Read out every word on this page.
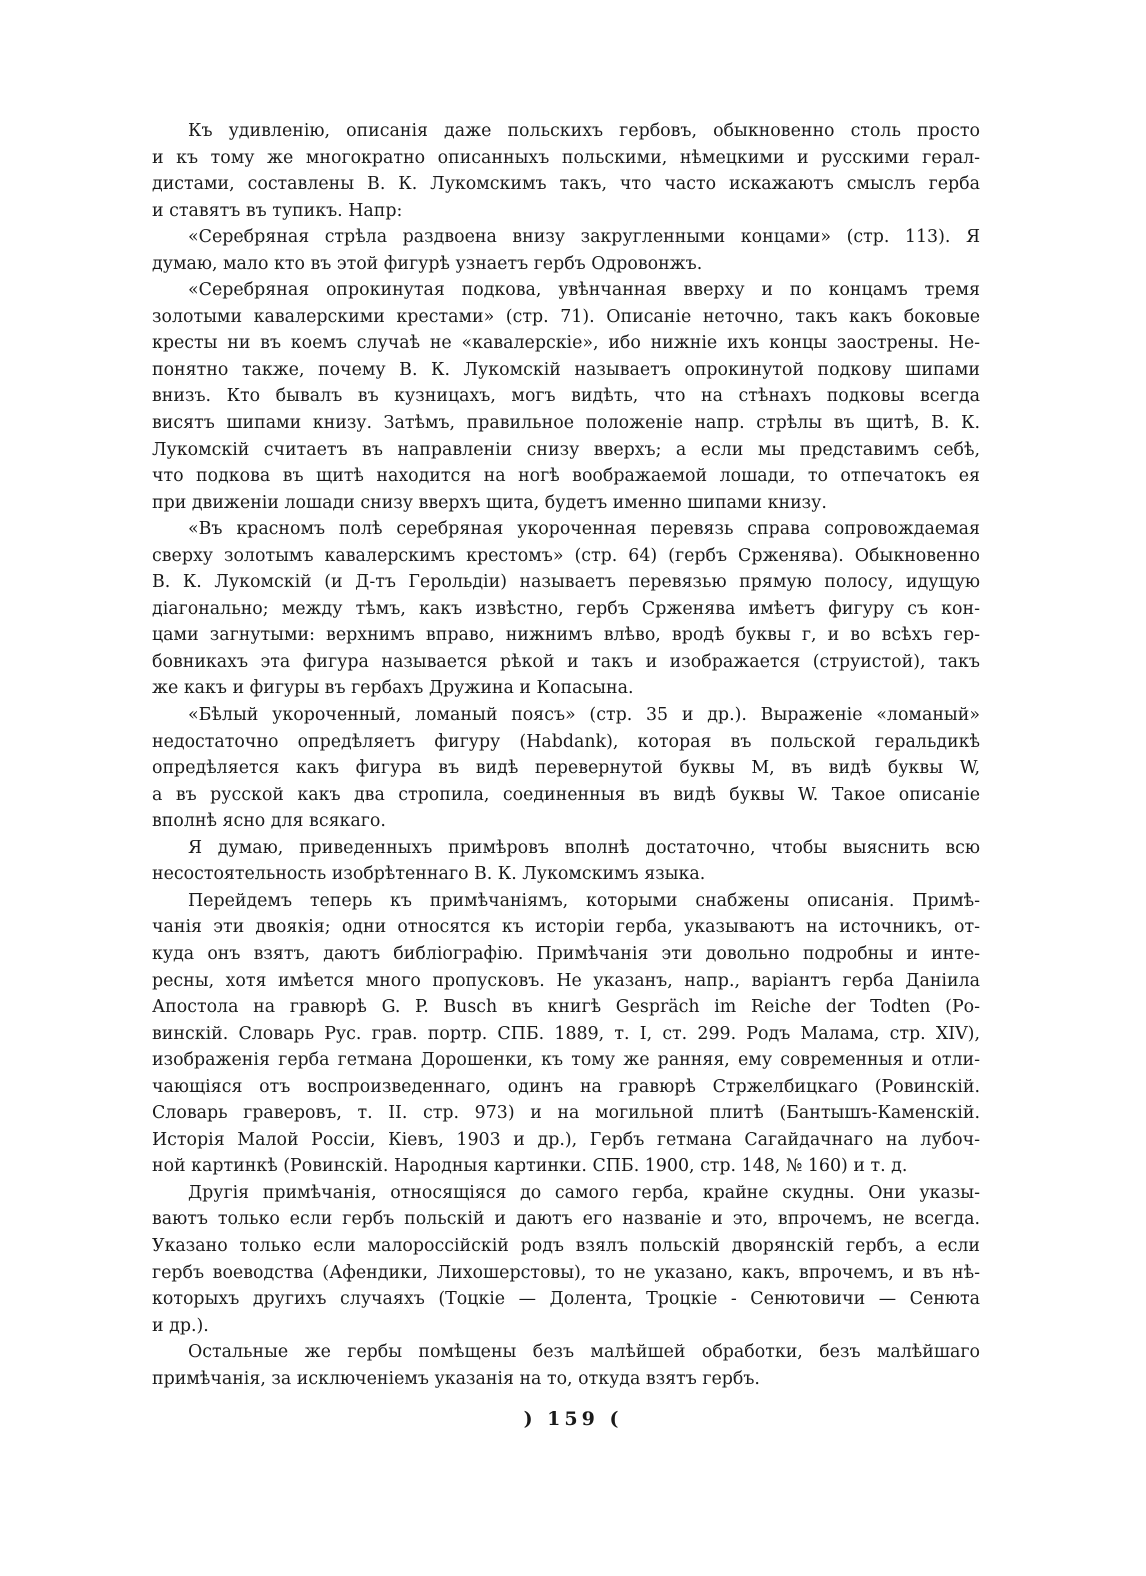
Къ удивленію, описанія даже польскихъ гербовъ, обыкновенно столь просто
и къ тому же многократно описанныхъ польскими, нѣмецкими и русскими герал-
дистами, составлены В. К. Лукомскимъ такъ, что часто искажаютъ смыслъ герба
и ставятъ въ тупикъ. Напр:
«Серебряная стрѣла раздвоена внизу закругленными концами» (стр. 113). Я
думаю, мало кто въ этой фигурѣ узнаетъ гербъ Одровонжъ.
«Серебряная опрокинутая подкова, увѣнчанная вверху и по концамъ тремя
золотыми кавалерскими крестами» (стр. 71). Описаніе неточно, такъ какъ боковые
кресты ни въ коемъ случаѣ не «кавалерскіе», ибо нижніе ихъ концы заострены. Не-
понятно также, почему В. К. Лукомскій называетъ опрокинутой подкову шипами
внизъ. Кто бывалъ въ кузницахъ, могъ видѣть, что на стѣнахъ подковы всегда
висятъ шипами книзу. Затѣмъ, правильное положеніе напр. стрѣлы въ щитѣ, В. К.
Лукомскій считаетъ въ направленіи снизу вверхъ; а если мы представимъ себѣ,
что подкова въ щитѣ находится на ногѣ воображаемой лошади, то отпечатокъ ея
при движеніи лошади снизу вверхъ щита, будетъ именно шипами книзу.
«Въ красномъ полѣ серебряная укороченная перевязь справа сопровождаемая
сверху золотымъ кавалерскимъ крестомъ» (стр. 64) (гербъ Срженява). Обыкновенно
В. К. Лукомскій (и Д-тъ Герольдіи) называетъ перевязью прямую полосу, идущую
діагонально; между тѣмъ, какъ извѣстно, гербъ Срженява имѣетъ фигуру съ кон-
цами загнутыми: верхнимъ вправо, нижнимъ влѣво, вродѣ буквы г, и во всѣхъ гер-
бовникахъ эта фигура называется рѣкой и такъ и изображается (струистой), такъ
же какъ и фигуры въ гербахъ Дружина и Копасына.
«Бѣлый укороченный, ломаный поясъ» (стр. 35 и др.). Выраженіе «ломаный»
недостаточно опредѣляетъ фигуру (Habdank), которая въ польской геральдикѣ
опредѣляется какъ фигура въ видѣ перевернутой буквы М, въ видѣ буквы W,
а въ русской какъ два стропила, соединенныя въ видѣ буквы W. Такое описаніе
вполнѣ ясно для всякаго.
Я думаю, приведенныхъ примѣровъ вполнѣ достаточно, чтобы выяснить всю
несостоятельность изобрѣтеннаго В. К. Лукомскимъ языка.
Перейдемъ теперь къ примѣчаніямъ, которыми снабжены описанія. Примѣ-
чанія эти двоякія; одни относятся къ исторіи герба, указываютъ на источникъ, от-
куда онъ взятъ, даютъ библіографію. Примѣчанія эти довольно подробны и инте-
ресны, хотя имѣется много пропусковъ. Не указанъ, напр., варіантъ герба Даніила
Апостола на гравюрѣ G. P. Busch въ книгѣ Gespräch im Reiche der Todten (Ро-
винскій. Словарь Рус. грав. портр. СПБ. 1889, т. I, ст. 299. Родъ Малама, стр. XIV),
изображенія герба гетмана Дорошенки, къ тому же ранняя, ему современныя и отли-
чающіяся отъ воспроизведеннаго, одинъ на гравюрѣ Стржелбицкаго (Ровинскій.
Словарь граверовъ, т. II. стр. 973) и на могильной плитѣ (Бантышъ-Каменскій.
Исторія Малой Россіи, Кіевъ, 1903 и др.), Гербъ гетмана Сагайдачнаго на лубоч-
ной картинкѣ (Ровинскій. Народныя картинки. СПБ. 1900, стр. 148, № 160) и т. д.
Другія примѣчанія, относящіяся до самого герба, крайне скудны. Они указы-
ваютъ только если гербъ польскій и даютъ его названіе и это, впрочемъ, не всегда.
Указано только если малороссійскій родъ взялъ польскій дворянскій гербъ, а если
гербъ воеводства (Афендики, Лихошерстовы), то не указано, какъ, впрочемъ, и въ нѣ-
которыхъ другихъ случаяхъ (Тоцкіе — Долента, Троцкіе - Сенютовичи — Сенюта
и др.).
Остальные же гербы помѣщены безъ малѣйшей обработки, безъ малѣйшаго
примѣчанія, за исключеніемъ указанія на то, откуда взятъ гербъ.
) 159 (
